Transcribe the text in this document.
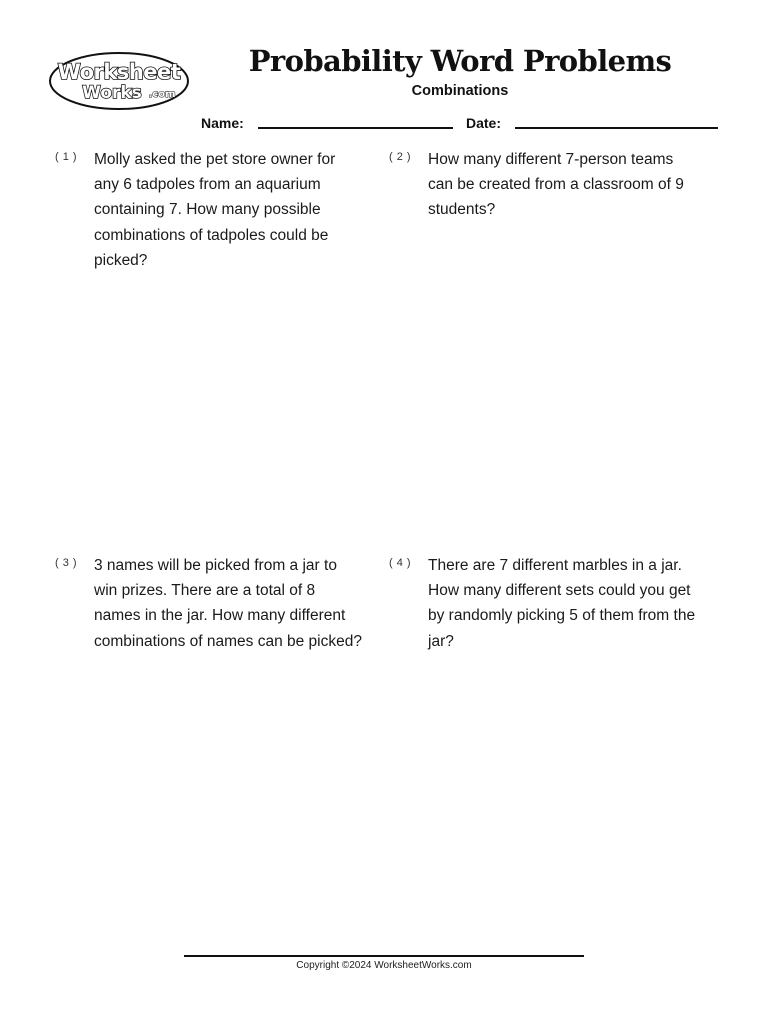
Worksheet
Works .com
Probability Word Problems
Combinations
Name:	Date:
( 1 ) Molly asked the pet store owner for any 6 tadpoles from an aquarium containing 7. How many possible combinations of tadpoles could be picked?
( 2 ) How many different 7-person teams can be created from a classroom of 9 students?
( 3 ) 3 names will be picked from a jar to win prizes. There are a total of 8 names in the jar. How many different combinations of names can be picked?
( 4 ) There are 7 different marbles in a jar. How many different sets could you get by randomly picking 5 of them from the jar?
Copyright ©2024 WorksheetWorks.com
